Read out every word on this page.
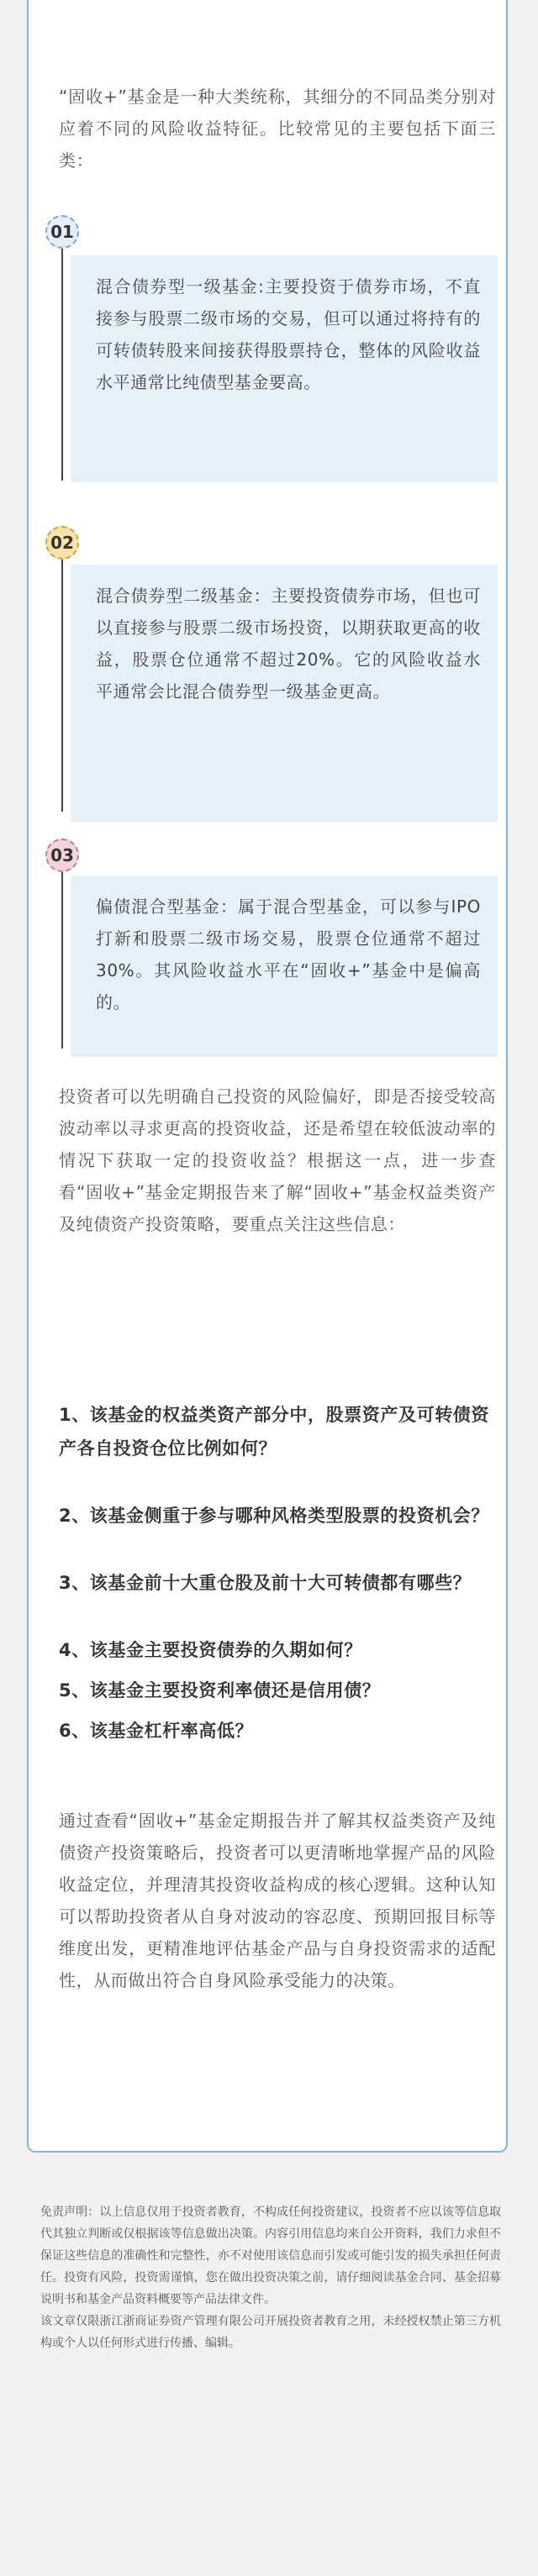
“固收+”基金是一种大类统称，其细分的不同品类分别对应着不同的风险收益特征。比较常见的主要包括下面三类：

01

混合债券型一级基金:主要投资于债券市场，不直接参与股票二级市场的交易，但可以通过将持有的可转债转股来间接获得股票持仓，整体的风险收益水平通常比纯债型基金要高。

02

混合债券型二级基金：主要投资债券市场，但也可以直接参与股票二级市场投资，以期获取更高的收益，股票仓位通常不超过20%。它的风险收益水平通常会比混合债券型一级基金更高。

03

偏债混合型基金：属于混合型基金，可以参与IPO打新和股票二级市场交易，股票仓位通常不超过30%。其风险收益水平在“固收+”基金中是偏高的。

投资者可以先明确自己投资的风险偏好，即是否接受较高波动率以寻求更高的投资收益，还是希望在较低波动率的情况下获取一定的投资收益？根据这一点，进一步查看“固收+”基金定期报告来了解“固收+”基金权益类资产及纯债资产投资策略，要重点关注这些信息：

1、该基金的权益类资产部分中，股票资产及可转债资产各自投资仓位比例如何？

2、该基金侧重于参与哪种风格类型股票的投资机会？

3、该基金前十大重仓股及前十大可转债都有哪些？

4、该基金主要投资债券的久期如何？

5、该基金主要投资利率债还是信用债？

6、该基金杠杆率高低？

通过查看“固收+”基金定期报告并了解其权益类资产及纯债资产投资策略后，投资者可以更清晰地掌握产品的风险收益定位，并理清其投资收益构成的核心逻辑。这种认知可以帮助投资者从自身对波动的容忍度、预期回报目标等维度出发，更精准地评估基金产品与自身投资需求的适配性，从而做出符合自身风险承受能力的决策。

免责声明：以上信息仅用于投资者教育，不构成任何投资建议，投资者不应以该等信息取代其独立判断或仅根据该等信息做出决策。内容引用信息均来自公开资料，我们力求但不保证这些信息的准确性和完整性，亦不对使用该信息而引发或可能引发的损失承担任何责任。投资有风险，投资需谨慎，您在做出投资决策之前，请仔细阅读基金合同、基金招募说明书和基金产品资料概要等产品法律文件。

该文章仅限浙江浙商证券资产管理有限公司开展投资者教育之用，未经授权禁止第三方机构或个人以任何形式进行传播、编辑。
